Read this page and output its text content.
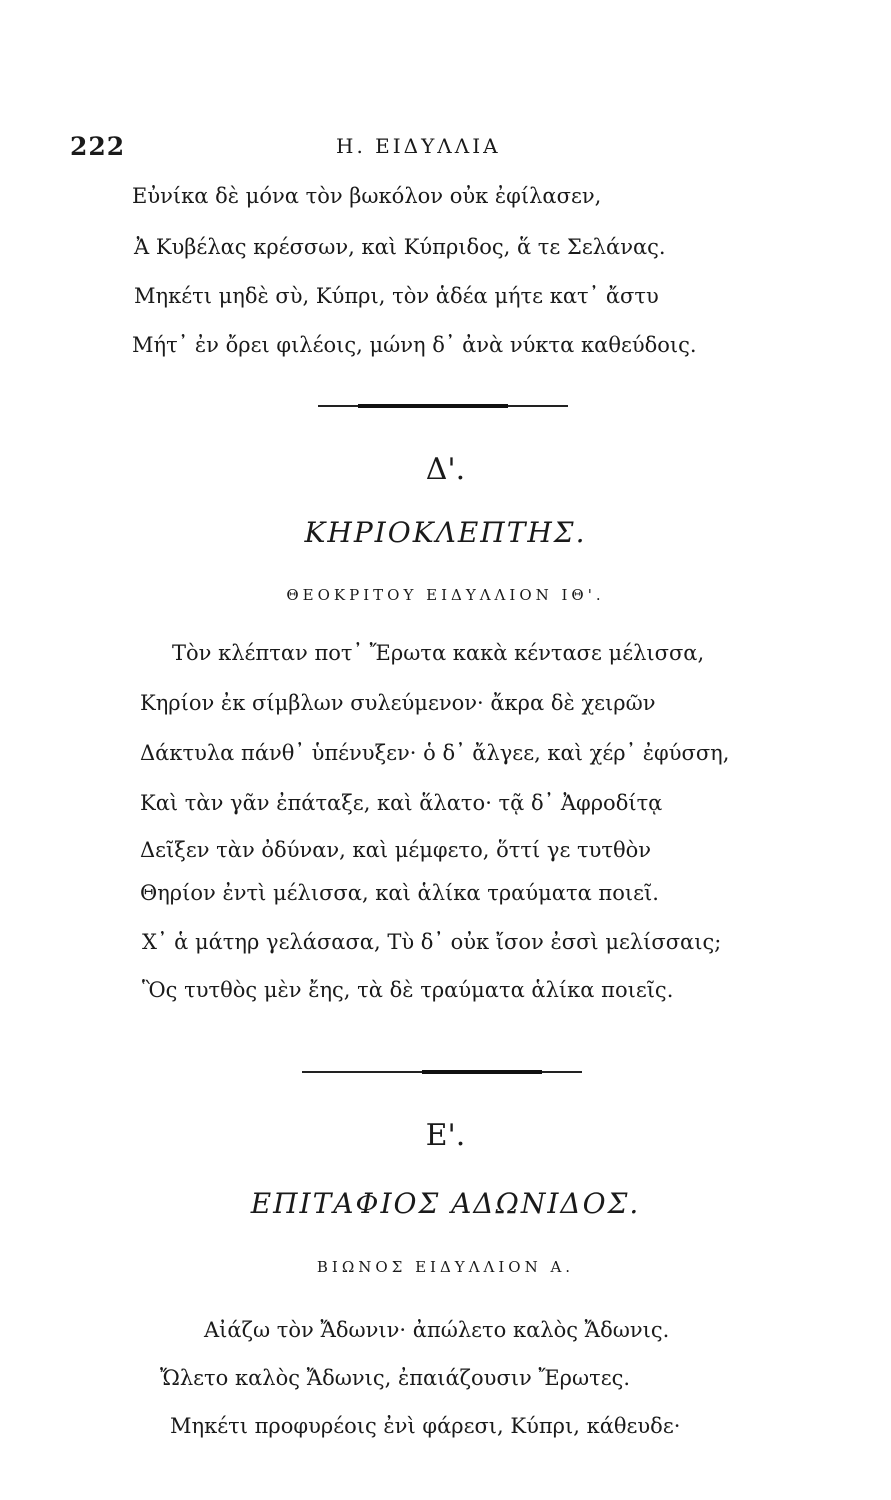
222	Η. ΕΙΔΥΛΛΙΑ
Εὐνίκα δὲ μόνα τὸν βωκόλον οὐκ ἐφίλασεν,
Ἀ Κυβέλας κρέσσων, καὶ Κύπριδος, ἅ τε Σελάνας.
Μηκέτι μηδὲ σὺ, Κύπρι, τὸν ἁδέα μήτε κατ᾽ ἄστυ
Μήτ᾽ ἐν ὄρει φιλέοις, μώνη δ᾽ ἀνὰ νύκτα καθεύδοις.
Δ'.
ΚΗΡΙΟΚΛΕΠΤΗΣ.
ΘΕΟΚΡΙΤΟΥ ΕΙΔΥΛΛΙΟΝ ΙΘ'.
Τὸν κλέπταν ποτ᾽ Ἔρωτα κακὰ κέντασε μέλισσα,
Κηρίον ἐκ σίμβλων συλεύμενον· ἄκρα δὲ χειρῶν
Δάκτυλα πάνθ᾽ ὑπένυξεν· ὁ δ᾽ ἄλγεε, καὶ χέρ᾽ ἐφύσση,
Καὶ τὰν γᾶν ἐπάταξε, καὶ ἅλατο· τᾷ δ᾽ Ἀφροδίτᾳ
Δεῖξεν τὰν ὀδύναν, καὶ μέμφετο, ὅττί γε τυτθὸν
Θηρίον ἐντὶ μέλισσα, καὶ ἁλίκα τραύματα ποιεῖ.
Χ᾽ ἁ μάτηρ γελάσασα, Τὺ δ᾽ οὐκ ἴσον ἐσσὶ μελίσσαις;
Ὃς τυτθὸς μὲν ἔης, τὰ δὲ τραύματα ἁλίκα ποιεῖς.
Ε'.
ΕΠΙΤΑΦΙΟΣ ΑΔΩΝΙΔΟΣ.
ΒΙΩΝΟΣ ΕΙΔΥΛΛΙΟΝ Α.
Αἰάζω τὸν Ἄδωνιν· ἀπώλετο καλὸς Ἄδωνις.
Ὤλετο καλὸς Ἄδωνις, ἐπαιάζουσιν Ἔρωτες.
Μηκέτι προφυρέοις ἐνὶ φάρεσι, Κύπρι, κάθευδε·
